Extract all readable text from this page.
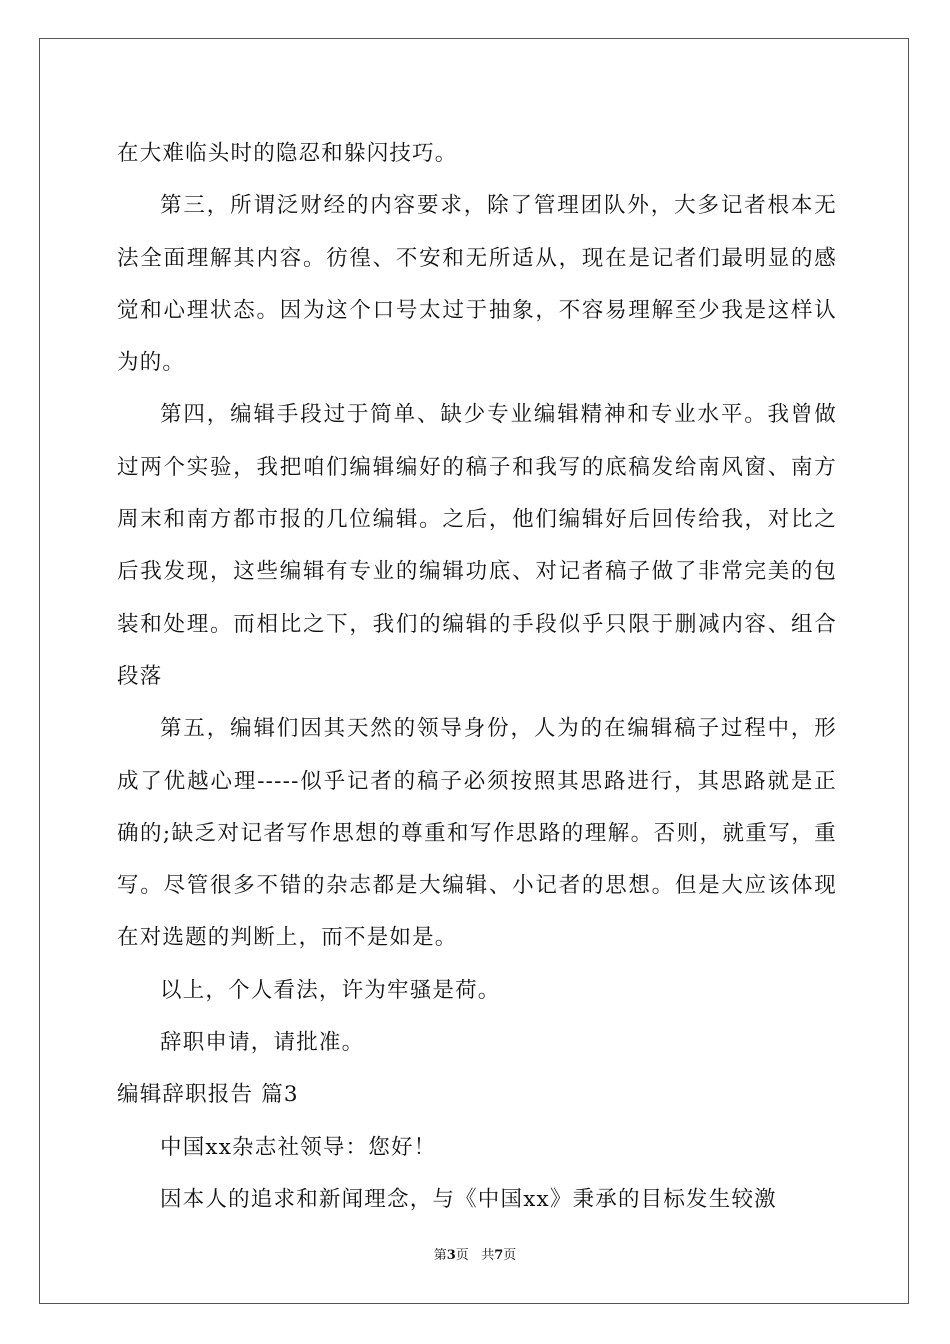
在大难临头时的隐忍和躲闪技巧。

第三，所谓泛财经的内容要求，除了管理团队外，大多记者根本无法全面理解其内容。彷徨、不安和无所适从，现在是记者们最明显的感觉和心理状态。因为这个口号太过于抽象，不容易理解至少我是这样认为的。

第四，编辑手段过于简单、缺少专业编辑精神和专业水平。我曾做过两个实验，我把咱们编辑编好的稿子和我写的底稿发给南风窗、南方周末和南方都市报的几位编辑。之后，他们编辑好后回传给我，对比之后我发现，这些编辑有专业的编辑功底、对记者稿子做了非常完美的包装和处理。而相比之下，我们的编辑的手段似乎只限于删减内容、组合段落

第五，编辑们因其天然的领导身份，人为的在编辑稿子过程中，形成了优越心理-----似乎记者的稿子必须按照其思路进行，其思路就是正确的;缺乏对记者写作思想的尊重和写作思路的理解。否则，就重写，重写。尽管很多不错的杂志都是大编辑、小记者的思想。但是大应该体现在对选题的判断上，而不是如是。

以上，个人看法，许为牢骚是荷。

辞职申请，请批准。

编辑辞职报告 篇3

中国xx杂志社领导：您好！

因本人的追求和新闻理念，与《中国xx》秉承的目标发生较激

第3页 共7页
